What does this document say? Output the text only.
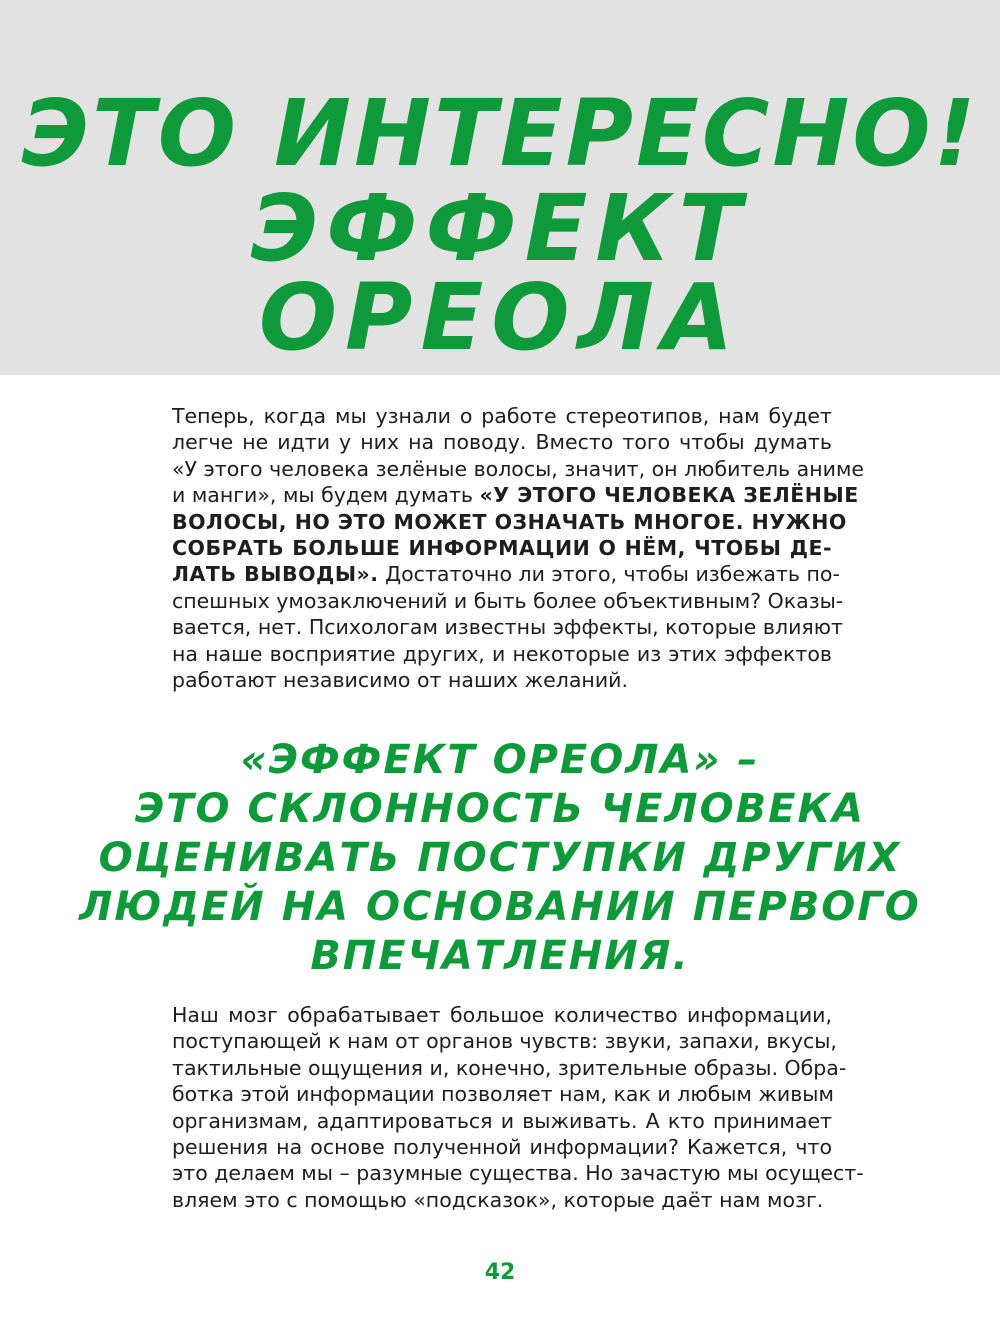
ЭТО ИНТЕРЕСНО!
ЭФФЕКТ
ОРЕОЛА
Теперь, когда мы узнали о работе стереотипов, нам будет
легче не идти у них на поводу. Вместо того чтобы думать
«У этого человека зелёные волосы, значит, он любитель аниме
и манги», мы будем думать «У ЭТОГО ЧЕЛОВЕКА ЗЕЛЁНЫЕ
ВОЛОСЫ, НО ЭТО МОЖЕТ ОЗНАЧАТЬ МНОГОЕ. НУЖНО
СОБРАТЬ БОЛЬШЕ ИНФОРМАЦИИ О НЁМ, ЧТОБЫ ДЕ-
ЛАТЬ ВЫВОДЫ». Достаточно ли этого, чтобы избежать по-
спешных умозаключений и быть более объективным? Оказы-
вается, нет. Психологам известны эффекты, которые влияют
на наше восприятие других, и некоторые из этих эффектов
работают независимо от наших желаний.
«ЭФФЕКТ ОРЕОЛА» –
ЭТО СКЛОННОСТЬ ЧЕЛОВЕКА
ОЦЕНИВАТЬ ПОСТУПКИ ДРУГИХ
ЛЮДЕЙ НА ОСНОВАНИИ ПЕРВОГО
ВПЕЧАТЛЕНИЯ.
Наш мозг обрабатывает большое количество информации,
поступающей к нам от органов чувств: звуки, запахи, вкусы,
тактильные ощущения и, конечно, зрительные образы. Обра-
ботка этой информации позволяет нам, как и любым живым
организмам, адаптироваться и выживать. А кто принимает
решения на основе полученной информации? Кажется, что
это делаем мы – разумные существа. Но зачастую мы осущест-
вляем это с помощью «подсказок», которые даёт нам мозг.
42
